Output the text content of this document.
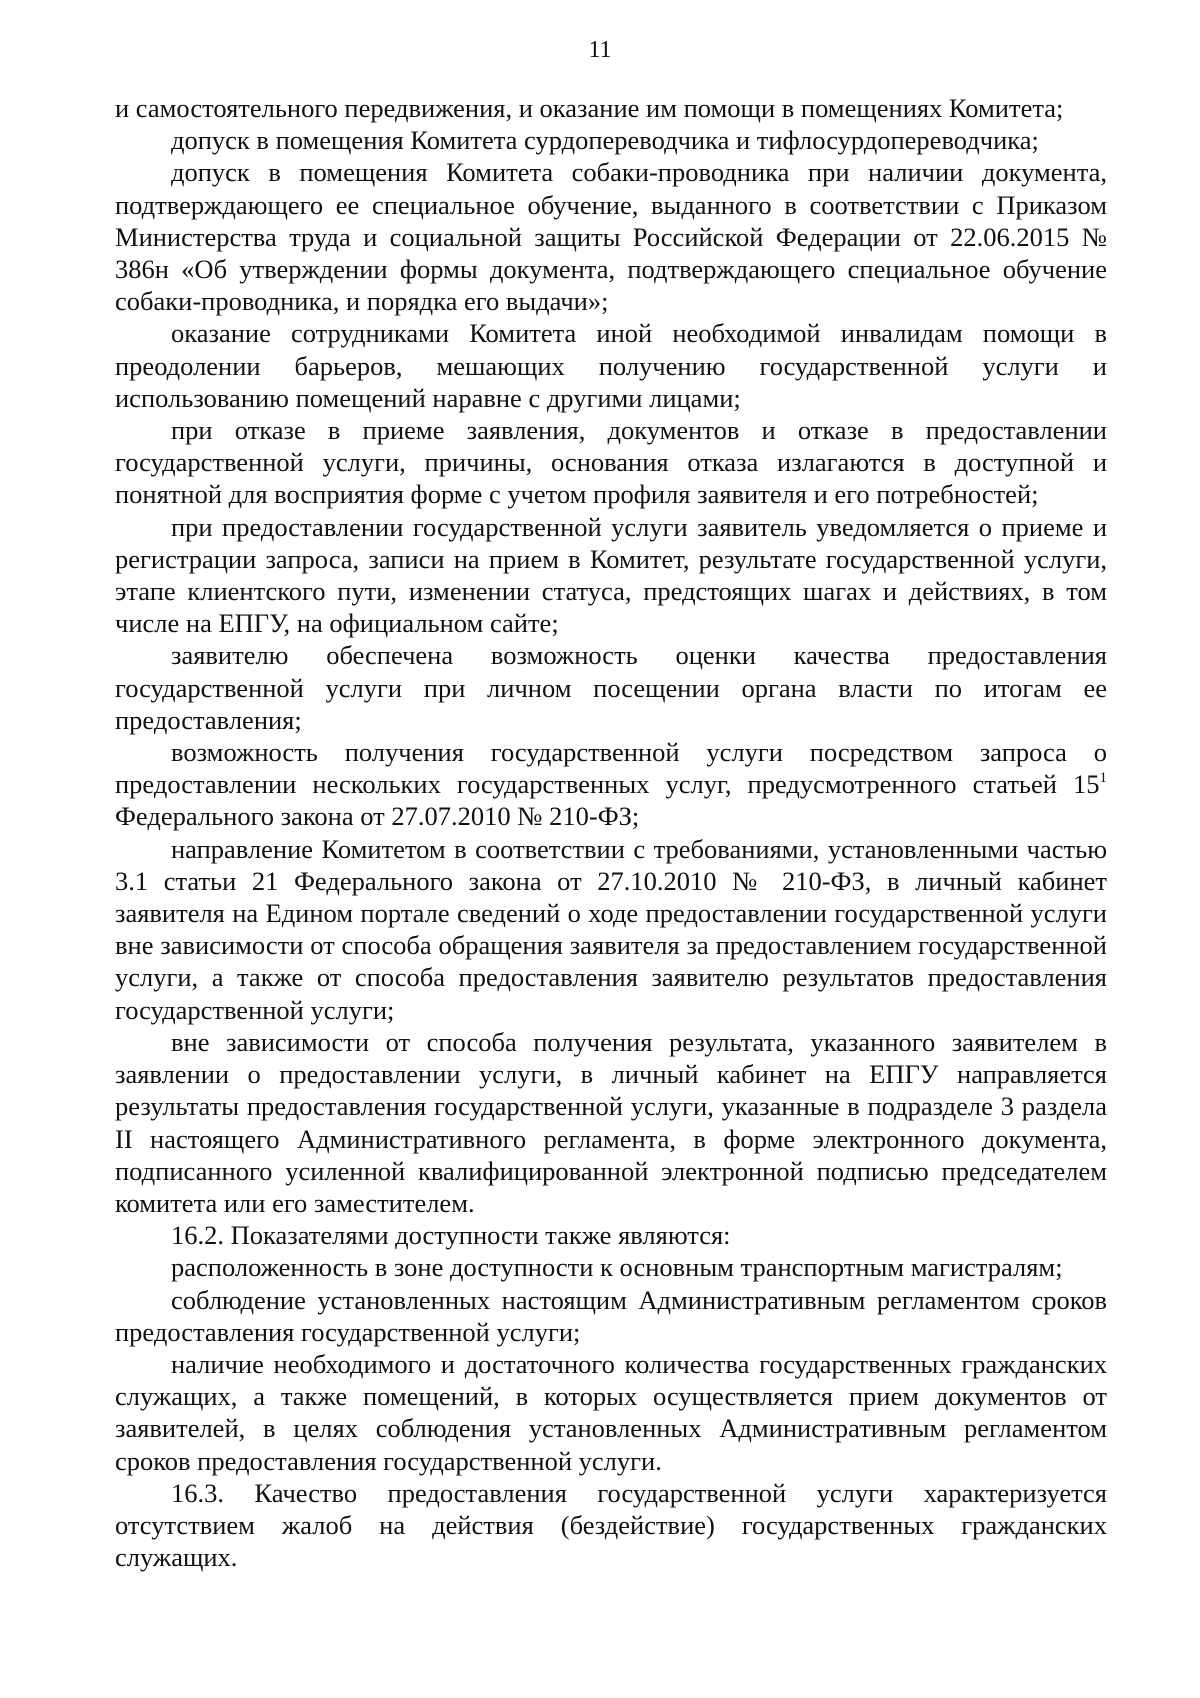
11

и самостоятельного передвижения, и оказание им помощи в помещениях Комитета;

допуск в помещения Комитета сурдопереводчика и тифлосурдопереводчика;

допуск в помещения Комитета собаки-проводника при наличии документа, подтверждающего ее специальное обучение, выданного в соответствии с Приказом Министерства труда и социальной защиты Российской Федерации от 22.06.2015 № 386н «Об утверждении формы документа, подтверждающего специальное обучение собаки-проводника, и порядка его выдачи»;

оказание сотрудниками Комитета иной необходимой инвалидам помощи в преодолении барьеров, мешающих получению государственной услуги и использованию помещений наравне с другими лицами;

при отказе в приеме заявления, документов и отказе в предоставлении государственной услуги, причины, основания отказа излагаются в доступной и понятной для восприятия форме с учетом профиля заявителя и его потребностей;

при предоставлении государственной услуги заявитель уведомляется о приеме и регистрации запроса, записи на прием в Комитет, результате государственной услуги, этапе клиентского пути, изменении статуса, предстоящих шагах и действиях, в том числе на ЕПГУ, на официальном сайте;

заявителю обеспечена возможность оценки качества предоставления государственной услуги при личном посещении органа власти по итогам ее предоставления;

возможность получения государственной услуги посредством запроса о предоставлении нескольких государственных услуг, предусмотренного статьей $15^1$ Федерального закона от 27.07.2010 № 210-ФЗ;

направление Комитетом в соответствии с требованиями, установленными частью 3.1 статьи 21 Федерального закона от 27.10.2010 № 210-ФЗ, в личный кабинет заявителя на Едином портале сведений о ходе предоставлении государственной услуги вне зависимости от способа обращения заявителя за предоставлением государственной услуги, а также от способа предоставления заявителю результатов предоставления государственной услуги;

вне зависимости от способа получения результата, указанного заявителем в заявлении о предоставлении услуги, в личный кабинет на ЕПГУ направляется результаты предоставления государственной услуги, указанные в подразделе 3 раздела II настоящего Административного регламента, в форме электронного документа, подписанного усиленной квалифицированной электронной подписью председателем комитета или его заместителем.

16.2. Показателями доступности также являются:

расположенность в зоне доступности к основным транспортным магистралям;

соблюдение установленных настоящим Административным регламентом сроков предоставления государственной услуги;

наличие необходимого и достаточного количества государственных гражданских служащих, а также помещений, в которых осуществляется прием документов от заявителей, в целях соблюдения установленных Административным регламентом сроков предоставления государственной услуги.

16.3. Качество предоставления государственной услуги характеризуется отсутствием жалоб на действия (бездействие) государственных гражданских служащих.
